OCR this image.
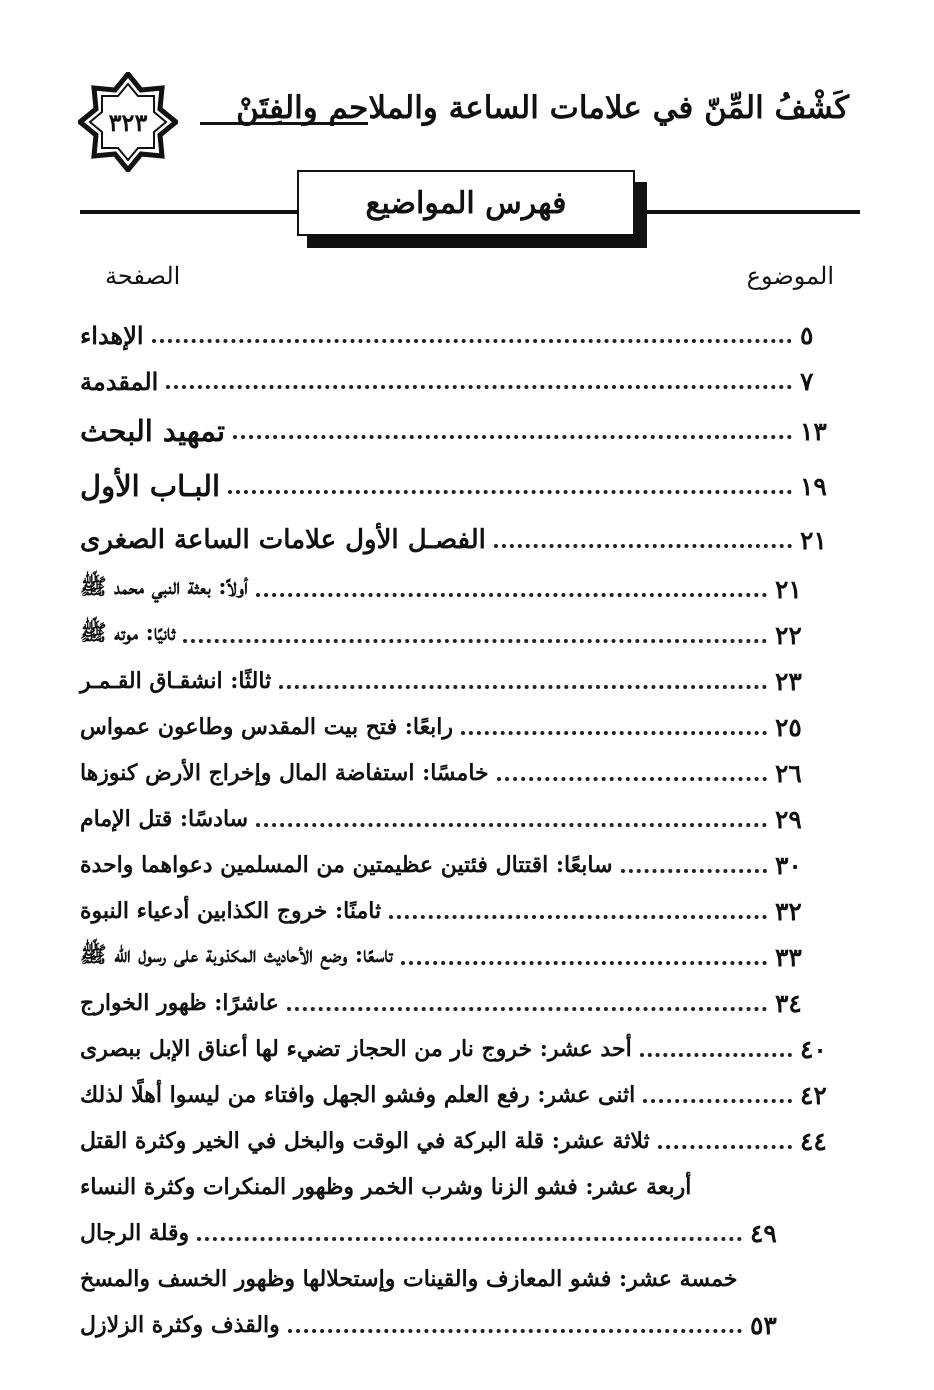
كَشْفُ المِّنّ في علامات الساعة والملاحم والفِتَنْ
٣٢٣
فهرس المواضيع
الموضوع
الصفحة
الإهداء	٥
المقدمة	٧
تمهيد البحث	١٣
البـاب الأول	١٩
الفصـل الأول علامات الساعة الصغرى	٢١
أولاً: بعثة النبي محمد ﷺ	٢١
ثانيًا: موته ﷺ	٢٢
ثالثًا: انشقـاق القـمـر	٢٣
رابعًا: فتح بيت المقدس وطاعون عمواس	٢٥
خامسًا: استفاضة المال وإخراج الأرض كنوزها	٢٦
سادسًا: قتل الإمام	٢٩
سابعًا: اقتتال فئتين عظيمتين من المسلمين دعواهما واحدة	٣٠
ثامنًا: خروج الكذابين أدعياء النبوة	٣٢
تاسعًا: وضع الأحاديث المكذوبة على رسول الله ﷺ	٣٣
عاشرًا: ظهور الخوارج	٣٤
أحد عشر: خروج نار من الحجاز تضيء لها أعناق الإبل ببصرى	٤٠
اثنى عشر: رفع العلم وفشو الجهل وافتاء من ليسوا أهلًا لذلك	٤٢
ثلاثة عشر: قلة البركة في الوقت والبخل في الخير وكثرة القتل	٤٤
أربعة عشر: فشو الزنا وشرب الخمر وظهور المنكرات وكثرة النساء
وقلة الرجال	٤٩
خمسة عشر: فشو المعازف والقينات وإستحلالها وظهور الخسف والمسخ
والقذف وكثرة الزلازل	٥٣
